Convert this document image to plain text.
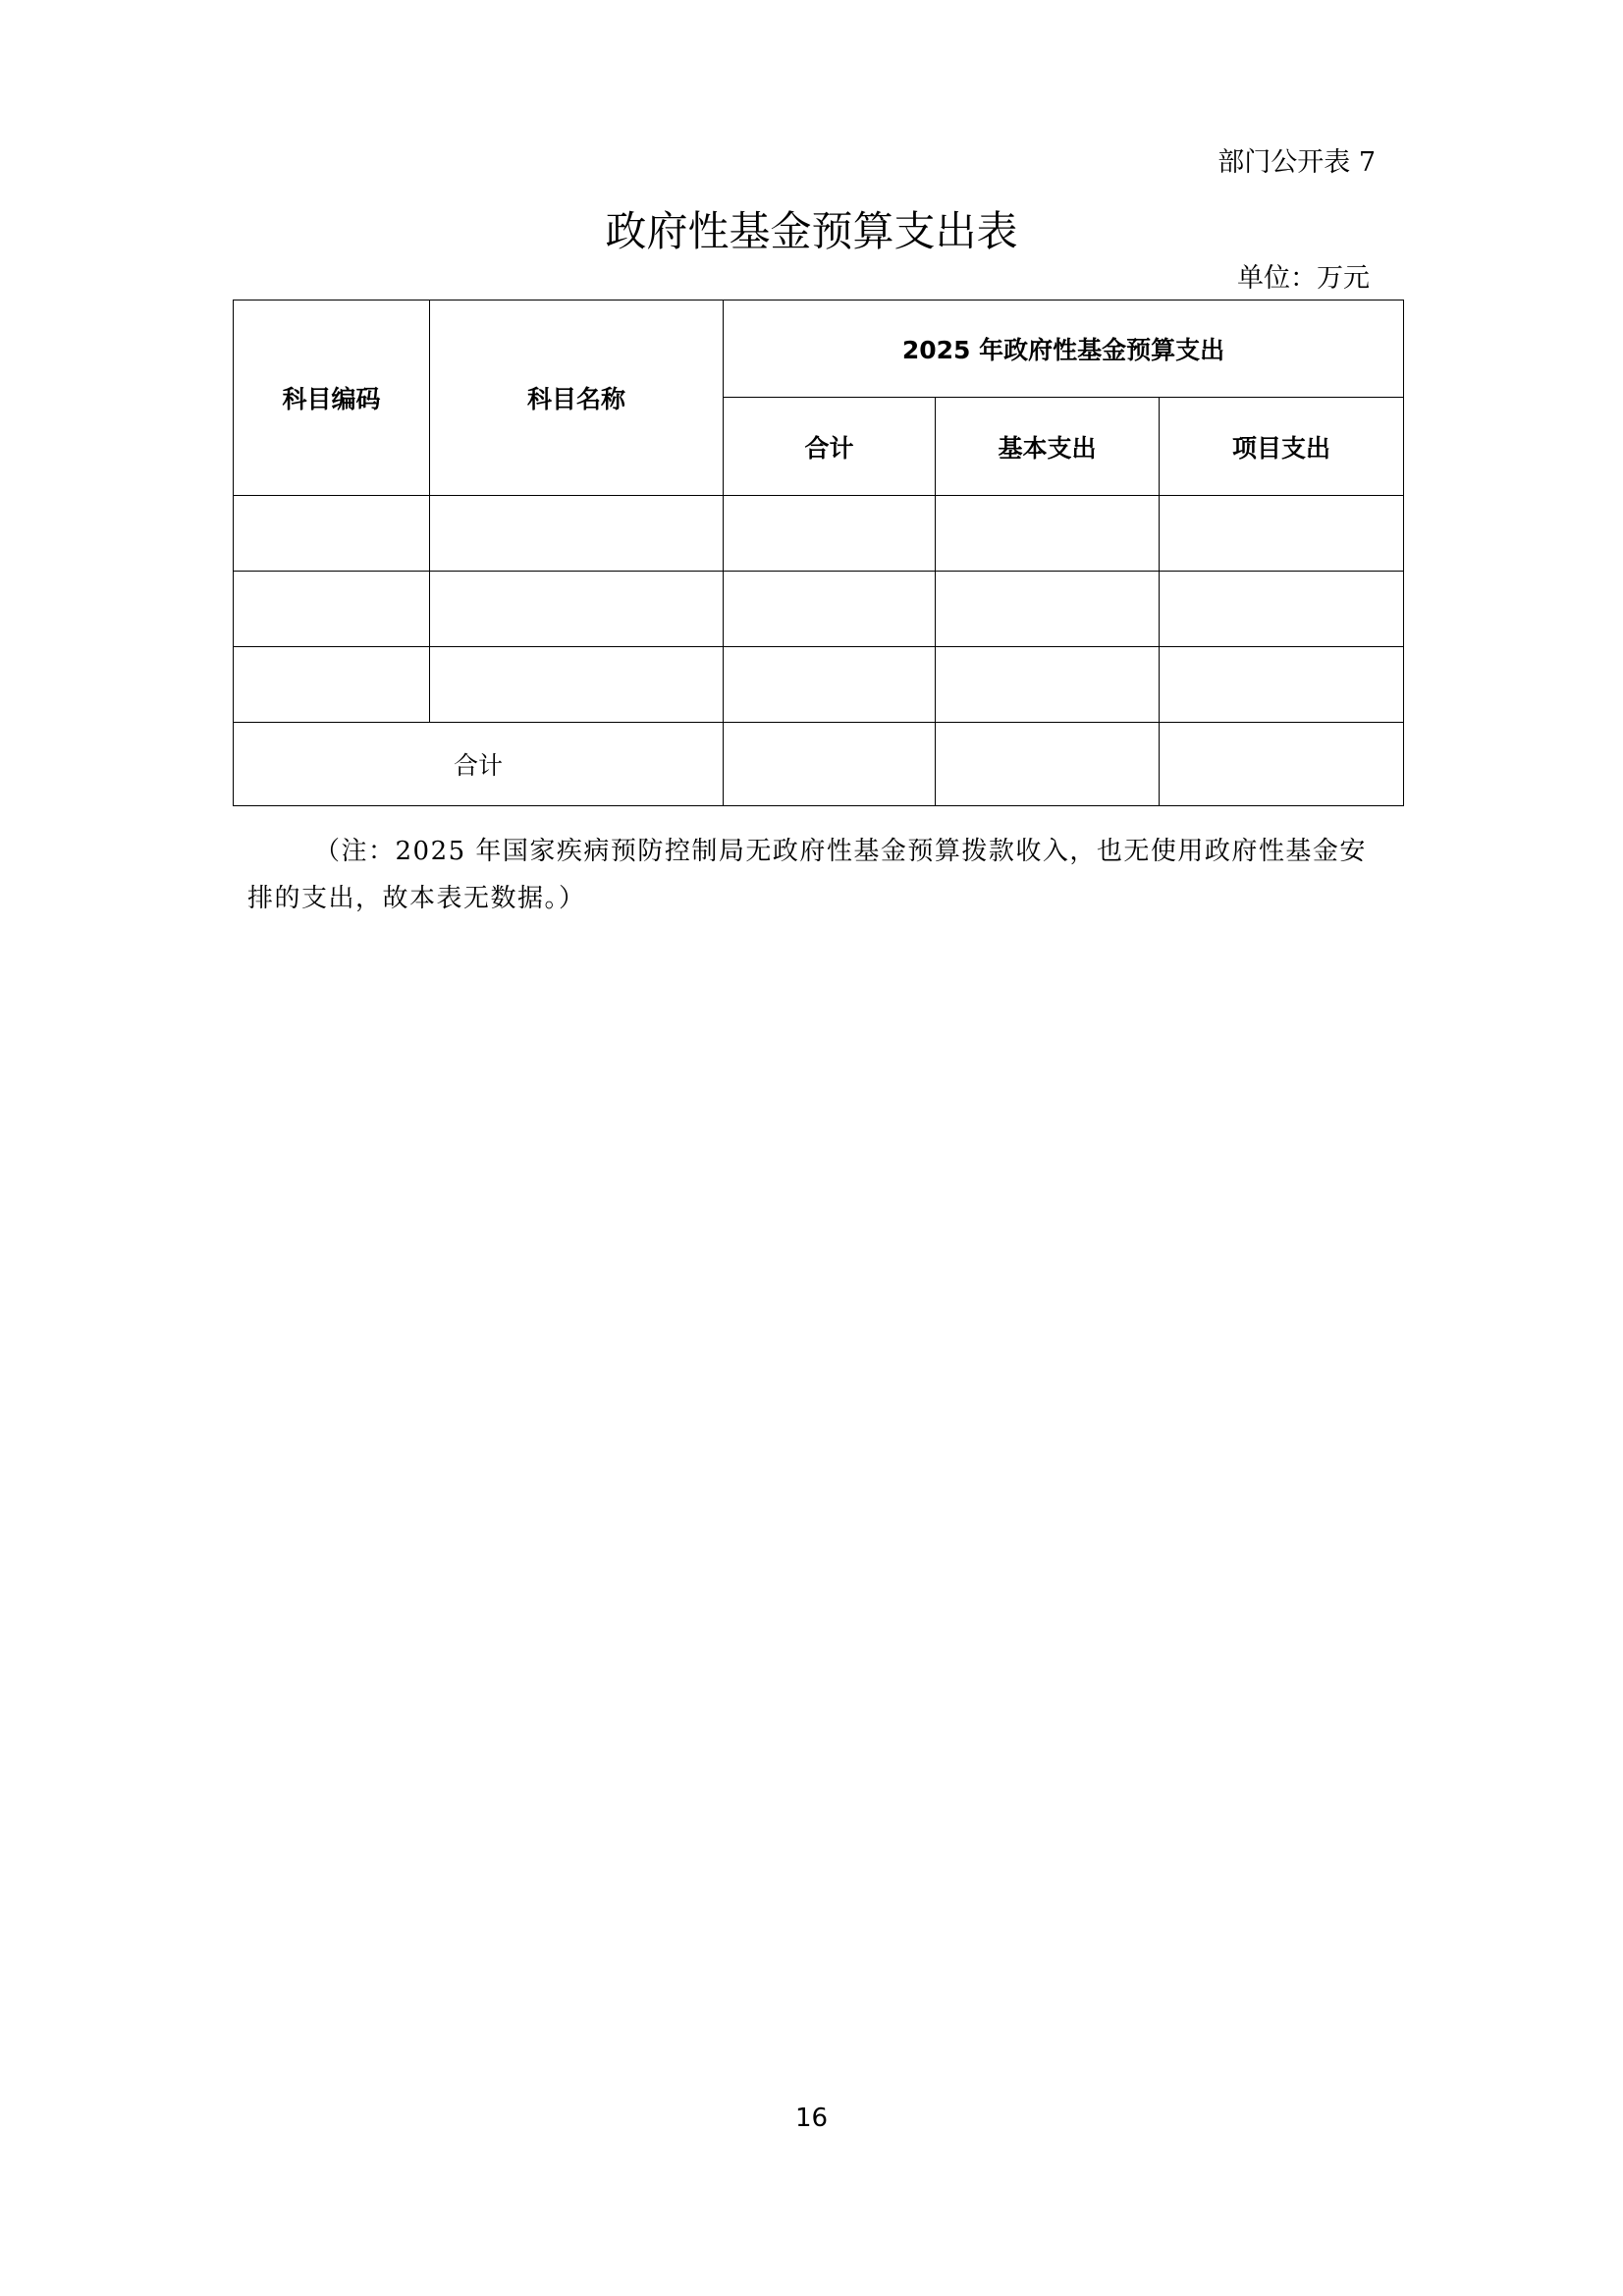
部门公开表 7
政府性基金预算支出表
单位：万元
科目编码	科目名称	2025 年政府性基金预算支出		
		合计	基本支出	项目支出

合计				
（注：2025 年国家疾病预防控制局无政府性基金预算拨款收入，也无使用政府性基金安排的支出，故本表无数据。）
16
